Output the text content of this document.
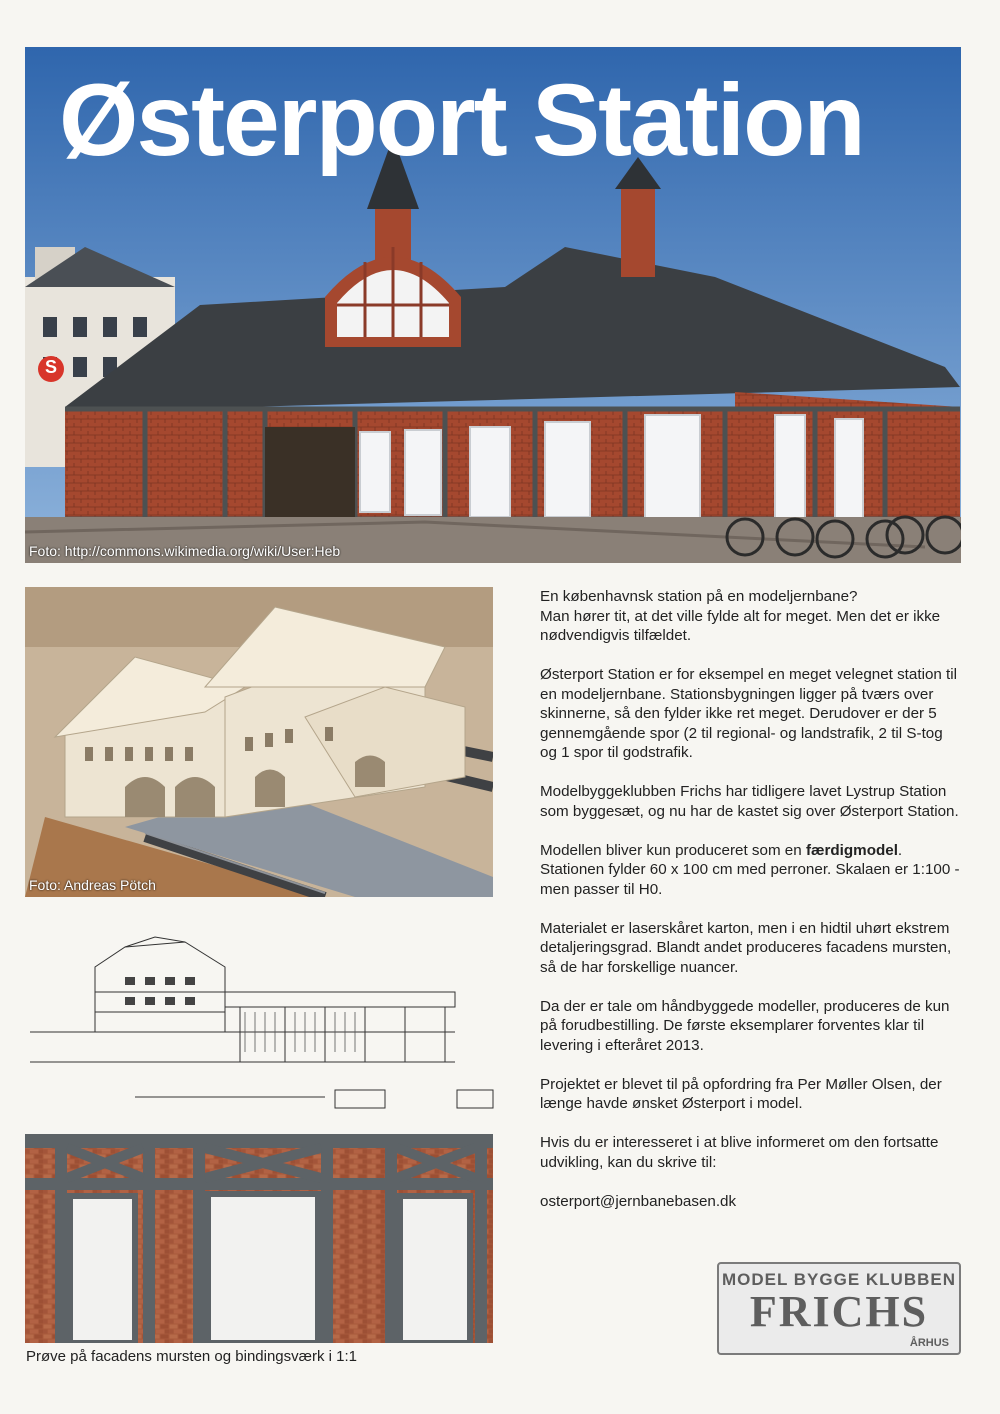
S
Østerport Station
Foto: http://commons.wikimedia.org/wiki/User:Heb
Foto: Andreas Pötch

Prøve på facadens mursten og bindingsværk i 1:1

En københavnsk station på en modeljernbane?
Man hører tit, at det ville fylde alt for meget. Men det er ikke nødvendigvis tilfældet.

Østerport Station er for eksempel en meget velegnet station til en modeljernbane. Stationsbygningen ligger på tværs over skinnerne, så den fylder ikke ret meget. Derudover er der 5 gennemgående spor (2 til regional- og landstrafik, 2 til S-tog og 1 spor til godstrafik.

Modelbyggeklubben Frichs har tidligere lavet Lystrup Station som byggesæt, og nu har de kastet sig over Østerport Station.

Modellen bliver kun produceret som en færdigmodel. Stationen fylder 60 x 100 cm med perroner. Skalaen er 1:100 - men passer til H0.

Materialet er laserskåret karton, men i en hidtil uhørt ekstrem detaljeringsgrad. Blandt andet produceres facadens mursten, så de har forskellige nuancer.

Da der er tale om håndbyggede modeller, produceres de kun på forudbestilling. De første eksemplarer forventes klar til levering i efteråret 2013.

Projektet er blevet til på opfordring fra Per Møller Olsen, der længe havde ønsket Østerport i model.

Hvis du er interesseret i at blive informeret om den fortsatte udvikling, kan du skrive til:

osterport@jernbanebasen.dk

MODEL BYGGE KLUBBEN
FRICHS
ÅRHUS
